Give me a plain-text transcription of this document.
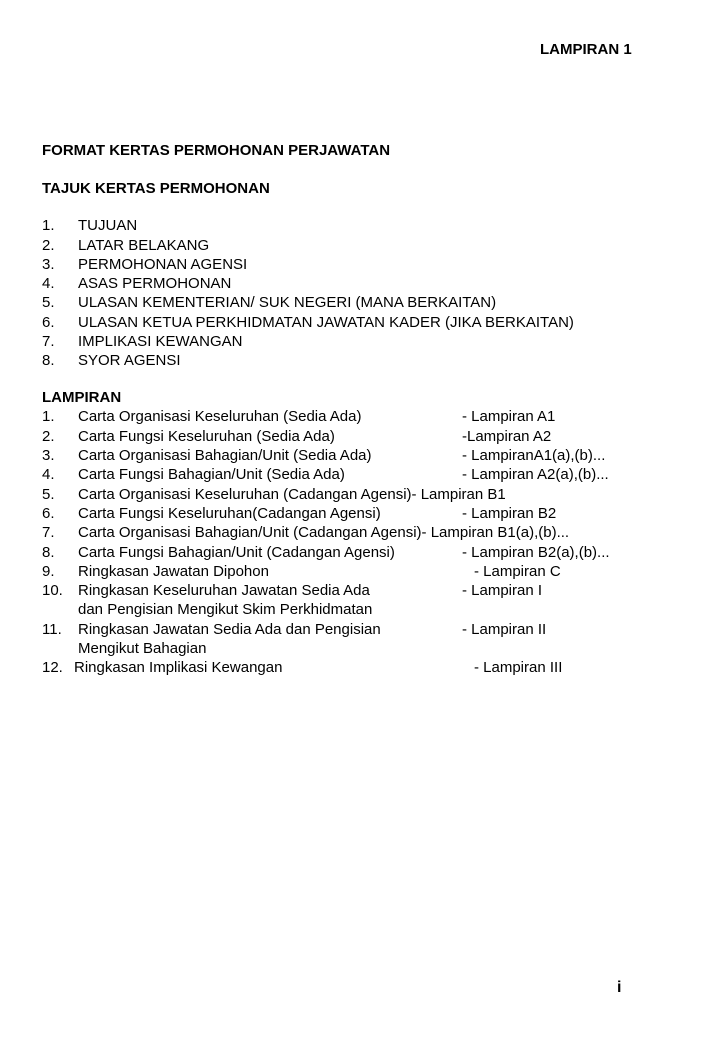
LAMPIRAN 1
FORMAT KERTAS PERMOHONAN PERJAWATAN
TAJUK KERTAS PERMOHONAN
1. TUJUAN
2. LATAR BELAKANG
3. PERMOHONAN AGENSI
4. ASAS PERMOHONAN
5. ULASAN KEMENTERIAN/ SUK NEGERI (MANA BERKAITAN)
6. ULASAN KETUA PERKHIDMATAN JAWATAN KADER (JIKA BERKAITAN)
7. IMPLIKASI KEWANGAN
8. SYOR AGENSI
LAMPIRAN
1. Carta Organisasi Keseluruhan (Sedia Ada)	- Lampiran A1
2. Carta Fungsi Keseluruhan (Sedia Ada)	-Lampiran A2
3. Carta Organisasi Bahagian/Unit (Sedia Ada)	- LampiranA1(a),(b)...
4. Carta Fungsi Bahagian/Unit (Sedia Ada)	- Lampiran A2(a),(b)...
5. Carta Organisasi Keseluruhan (Cadangan Agensi)- Lampiran B1
6. Carta Fungsi Keseluruhan(Cadangan Agensi)	- Lampiran B2
7. Carta Organisasi Bahagian/Unit (Cadangan Agensi)- Lampiran B1(a),(b)...
8. Carta Fungsi Bahagian/Unit (Cadangan Agensi)	- Lampiran B2(a),(b)...
9. Ringkasan Jawatan Dipohon	- Lampiran C
10. Ringkasan Keseluruhan Jawatan Sedia Ada	- Lampiran I
dan Pengisian Mengikut Skim Perkhidmatan
11. Ringkasan Jawatan Sedia Ada dan Pengisian	- Lampiran II
Mengikut Bahagian
12. Ringkasan Implikasi Kewangan	- Lampiran III
i
